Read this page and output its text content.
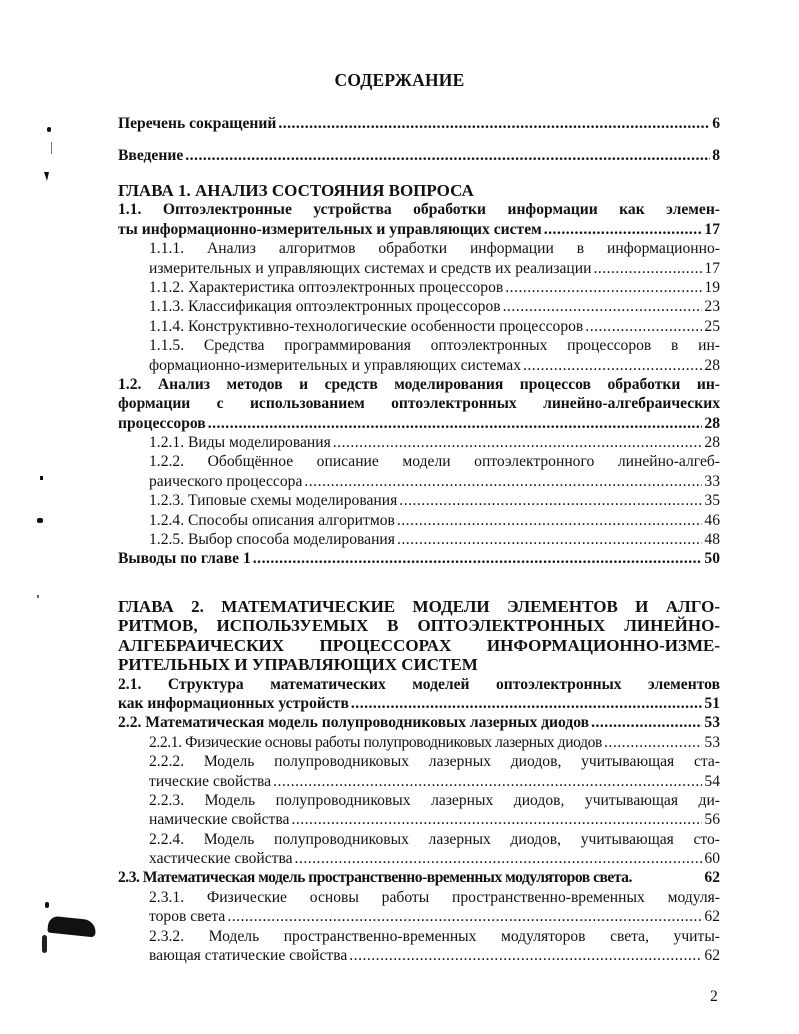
СОДЕРЖАНИЕ
Перечень сокращений .....	6
Введение .....	8
ГЛАВА 1. АНАЛИЗ СОСТОЯНИЯ ВОПРОСА
1.1. Оптоэлектронные устройства обработки информации как элемен-
ты информационно-измерительных и управляющих систем .....	17
1.1.1. Анализ алгоритмов обработки информации в информационно-
измерительных и управляющих системах и средств их реализации .....	17
1.1.2. Характеристика оптоэлектронных процессоров .....	19
1.1.3. Классификация оптоэлектронных процессоров .....	23
1.1.4. Конструктивно-технологические особенности процессоров .....	25
1.1.5. Средства программирования оптоэлектронных процессоров в ин-
формационно-измерительных и управляющих системах .....	28
1.2. Анализ методов и средств моделирования процессов обработки ин-
формации с использованием оптоэлектронных линейно-алгебраических
процессоров .....	28
1.2.1. Виды моделирования .....	28
1.2.2. Обобщённое описание модели оптоэлектронного линейно-алгеб-
раического процессора .....	33
1.2.3. Типовые схемы моделирования .....	35
1.2.4. Способы описания алгоритмов .....	46
1.2.5. Выбор способа моделирования .....	48
Выводы по главе 1 .....	50
ГЛАВА 2. МАТЕМАТИЧЕСКИЕ МОДЕЛИ ЭЛЕМЕНТОВ И АЛГО-
РИТМОВ, ИСПОЛЬЗУЕМЫХ В ОПТОЭЛЕКТРОННЫХ ЛИНЕЙНО-
АЛГЕБРАИЧЕСКИХ ПРОЦЕССОРАХ ИНФОРМАЦИОННО-ИЗМЕ-
РИТЕЛЬНЫХ И УПРАВЛЯЮЩИХ СИСТЕМ
2.1. Структура математических моделей оптоэлектронных элементов
как информационных устройств .....	51
2.2. Математическая модель полупроводниковых лазерных диодов .....	53
2.2.1. Физические основы работы полупроводниковых лазерных диодов .....	53
2.2.2. Модель полупроводниковых лазерных диодов, учитывающая ста-
тические свойства .....	54
2.2.3. Модель полупроводниковых лазерных диодов, учитывающая ди-
намические свойства .....	56
2.2.4. Модель полупроводниковых лазерных диодов, учитывающая сто-
хастические свойства .....	60
2.3. Математическая модель пространственно-временных модуляторов света.	62
2.3.1. Физические основы работы пространственно-временных модуля-
торов света .....	62
2.3.2. Модель пространственно-временных модуляторов света, учиты-
вающая статические свойства .....	62
2
